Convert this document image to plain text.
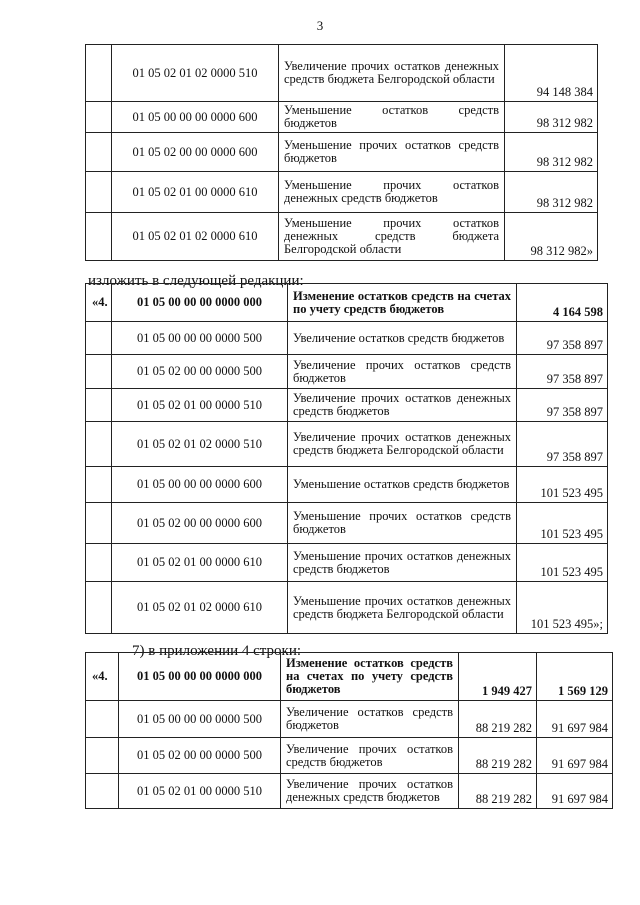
3
	01 05 02 01 02 0000 510	Увеличение прочих остатков денежных средств бюджета Белгородской области	94 148 384
	01 05 00 00 00 0000 600	Уменьшение остатков средств бюджетов	98 312 982
	01 05 02 00 00 0000 600	Уменьшение прочих остатков средств бюджетов	98 312 982
	01 05 02 01 00 0000 610	Уменьшение прочих остатков денежных средств бюджетов	98 312 982
	01 05 02 01 02 0000 610	Уменьшение прочих остатков денежных средств бюджета Белгородской области	98 312 982»
изложить в следующей редакции:
«4.	01 05 00 00 00 0000 000	Изменение остатков средств на счетах по учету средств бюджетов	4 164 598
	01 05 00 00 00 0000 500	Увеличение остатков средств бюджетов	97 358 897
	01 05 02 00 00 0000 500	Увеличение прочих остатков средств бюджетов	97 358 897
	01 05 02 01 00 0000 510	Увеличение прочих остатков денежных средств бюджетов	97 358 897
	01 05 02 01 02 0000 510	Увеличение прочих остатков денежных средств бюджета Белгородской области	97 358 897
	01 05 00 00 00 0000 600	Уменьшение остатков средств бюджетов	101 523 495
	01 05 02 00 00 0000 600	Уменьшение прочих остатков средств бюджетов	101 523 495
	01 05 02 01 00 0000 610	Уменьшение прочих остатков денежных средств бюджетов	101 523 495
	01 05 02 01 02 0000 610	Уменьшение прочих остатков денежных средств бюджета Белгородской области	101 523 495»;
7) в приложении 4 строки:
«4.	01 05 00 00 00 0000 000	Изменение остатков средств на счетах по учету средств бюджетов	1 949 427	1 569 129
	01 05 00 00 00 0000 500	Увеличение остатков средств бюджетов	88 219 282	91 697 984
	01 05 02 00 00 0000 500	Увеличение прочих остатков средств бюджетов	88 219 282	91 697 984
	01 05 02 01 00 0000 510	Увеличение прочих остатков денежных средств бюджетов	88 219 282	91 697 984
